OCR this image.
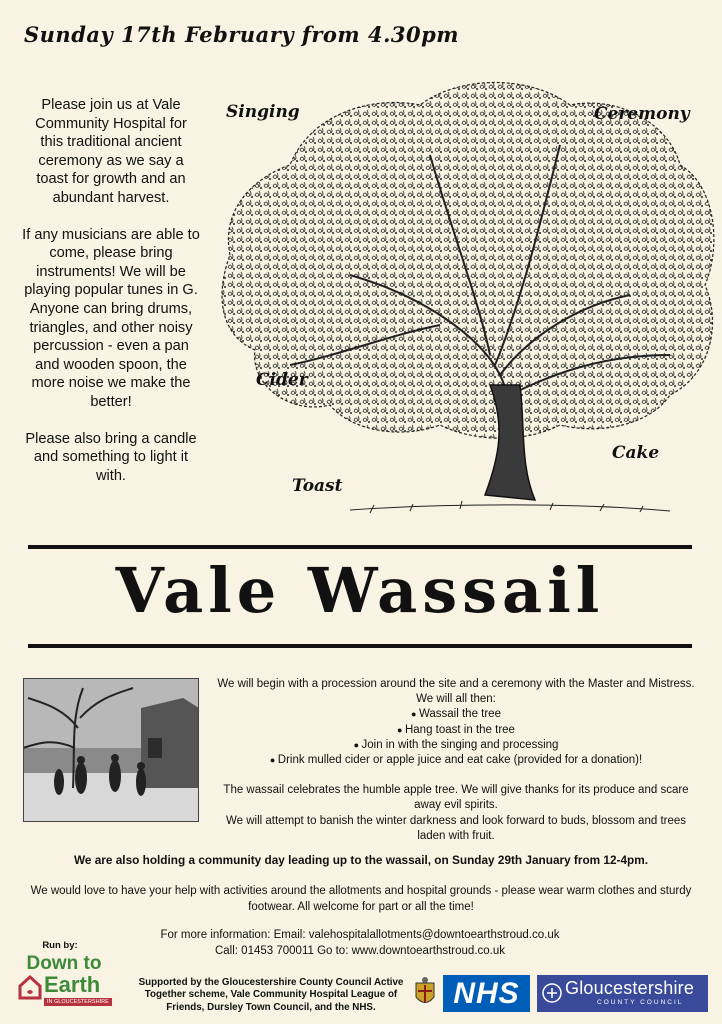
Sunday 17th February from 4.30pm

Please join us at Vale Community Hospital for this traditional ancient ceremony as we say a toast for growth and an abundant harvest.

If any musicians are able to come, please bring instruments! We will be playing popular tunes in G. Anyone can bring drums, triangles, and other noisy percussion - even a pan and wooden spoon, the more noise we make the better!

Please also bring a candle and something to light it with.

Singing	Ceremony
Cider
Cake
Toast
Vale Wassail

We will begin with a procession around the site and a ceremony with the Master and Mistress. We will all then:

● Wassail the tree
● Hang toast in the tree
● Join in with the singing and processing
● Drink mulled cider or apple juice and eat cake (provided for a donation)!

The wassail celebrates the humble apple tree. We will give thanks for its produce and scare away evil spirits.

We will attempt to banish the winter darkness and look forward to buds, blossom and trees laden with fruit.

We are also holding a community day leading up to the wassail, on Sunday 29th January from 12-4pm.
We would love to have your help with activities around the allotments and hospital grounds - please wear warm clothes and sturdy footwear. All welcome for part or all the time!
For more information: Email: valehospitalallotments@downtoearthstroud.co.uk
Call: 01453 700011 Go to: www.downtoearthstroud.co.uk
Run by:
Down to
Earth
IN GLOUCESTERSHIRE
Supported by the Gloucestershire County Council Active Together scheme, Vale Community Hospital League of Friends, Dursley Town Council, and the NHS.	NHS	Gloucestershire
COUNTY COUNCIL
